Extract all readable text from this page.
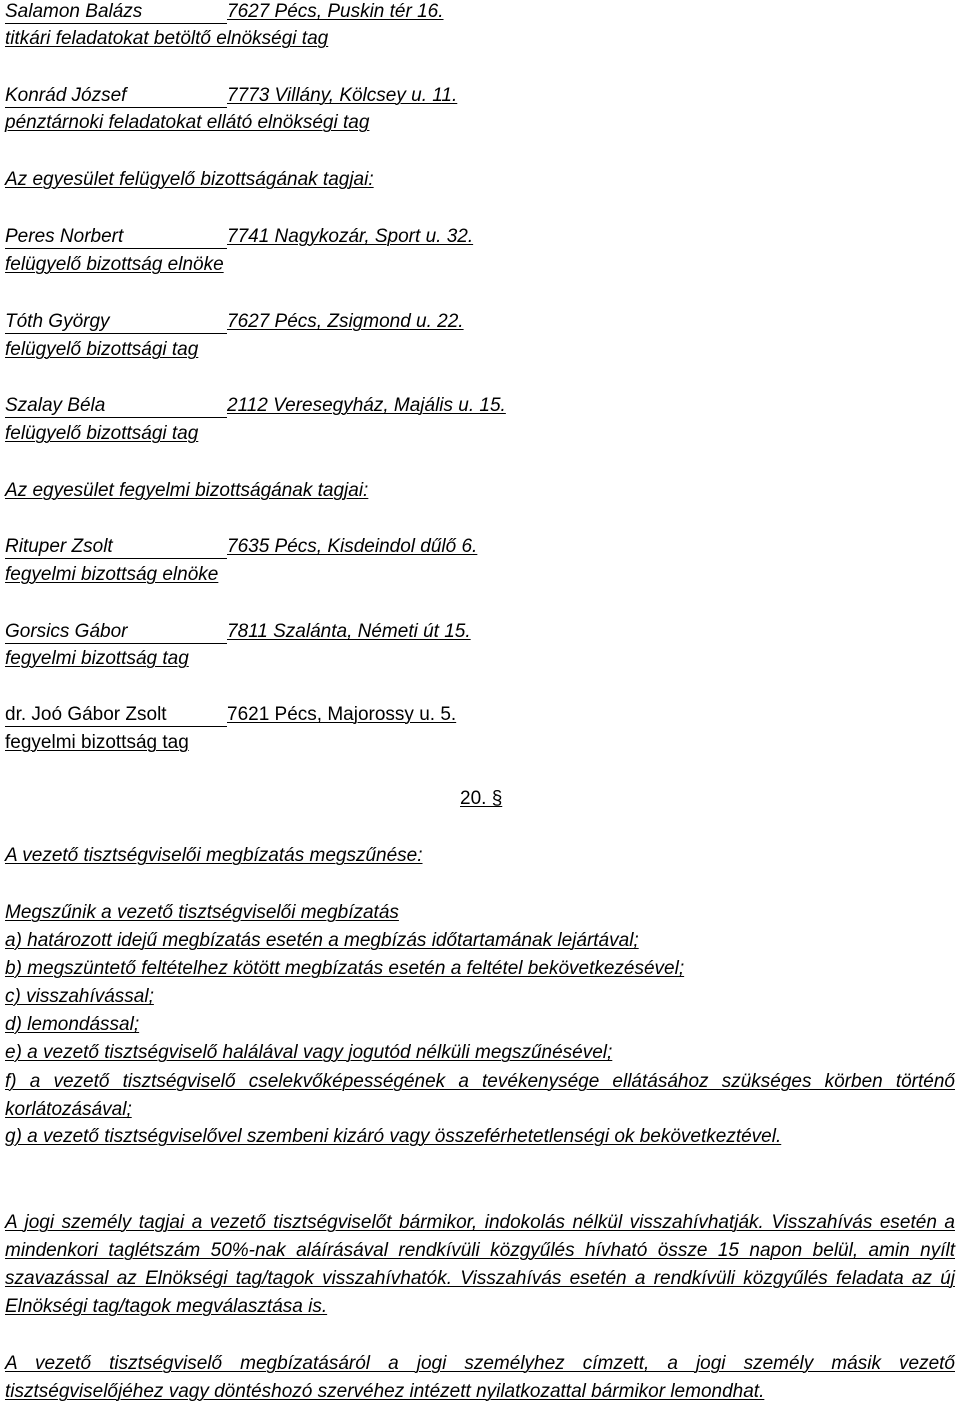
Salamon Balázs	7627 Pécs, Puskin tér 16.
titkári feladatokat betöltő elnökségi tag
Konrád József	7773 Villány, Kölcsey u. 11.
pénztárnoki feladatokat ellátó elnökségi tag
Az egyesület felügyelő bizottságának tagjai:
Peres Norbert	7741 Nagykozár, Sport u. 32.
felügyelő bizottság elnöke
Tóth György	7627 Pécs, Zsigmond u. 22.
felügyelő bizottsági tag
Szalay Béla	2112 Veresegyház, Majális u. 15.
felügyelő bizottsági tag
Az egyesület fegyelmi bizottságának tagjai:
Rituper Zsolt	7635 Pécs, Kisdeindol dűlő 6.
fegyelmi bizottság elnöke
Gorsics Gábor	7811 Szalánta, Németi út 15.
fegyelmi bizottság tag
dr. Joó Gábor Zsolt	7621 Pécs, Majorossy u. 5.
fegyelmi bizottság tag
20. §
A vezető tisztségviselői megbízatás megszűnése:
Megszűnik a vezető tisztségviselői megbízatás
a) határozott idejű megbízatás esetén a megbízás időtartamának lejártával;
b) megszüntető feltételhez kötött megbízatás esetén a feltétel bekövetkezésével;
c) visszahívással;
d) lemondással;
e) a vezető tisztségviselő halálával vagy jogutód nélküli megszűnésével;
f) a vezető tisztségviselő cselekvőképességének a tevékenysége ellátásához szükséges körben történő korlátozásával;
g) a vezető tisztségviselővel szembeni kizáró vagy összeférhetetlenségi ok bekövetkeztével.
A jogi személy tagjai a vezető tisztségviselőt bármikor, indokolás nélkül visszahívhatják. Visszahívás esetén a mindenkori taglétszám 50%-nak aláírásával rendkívüli közgyűlés hívható össze 15 napon belül, amin nyílt szavazással az Elnökségi tag/tagok visszahívhatók. Visszahívás esetén a rendkívüli közgyűlés feladata az új Elnökségi tag/tagok megválasztása is.
A vezető tisztségviselő megbízatásáról a jogi személyhez címzett, a jogi személy másik vezető tisztségviselőjéhez vagy döntéshozó szervéhez intézett nyilatkozattal bármikor lemondhat.
